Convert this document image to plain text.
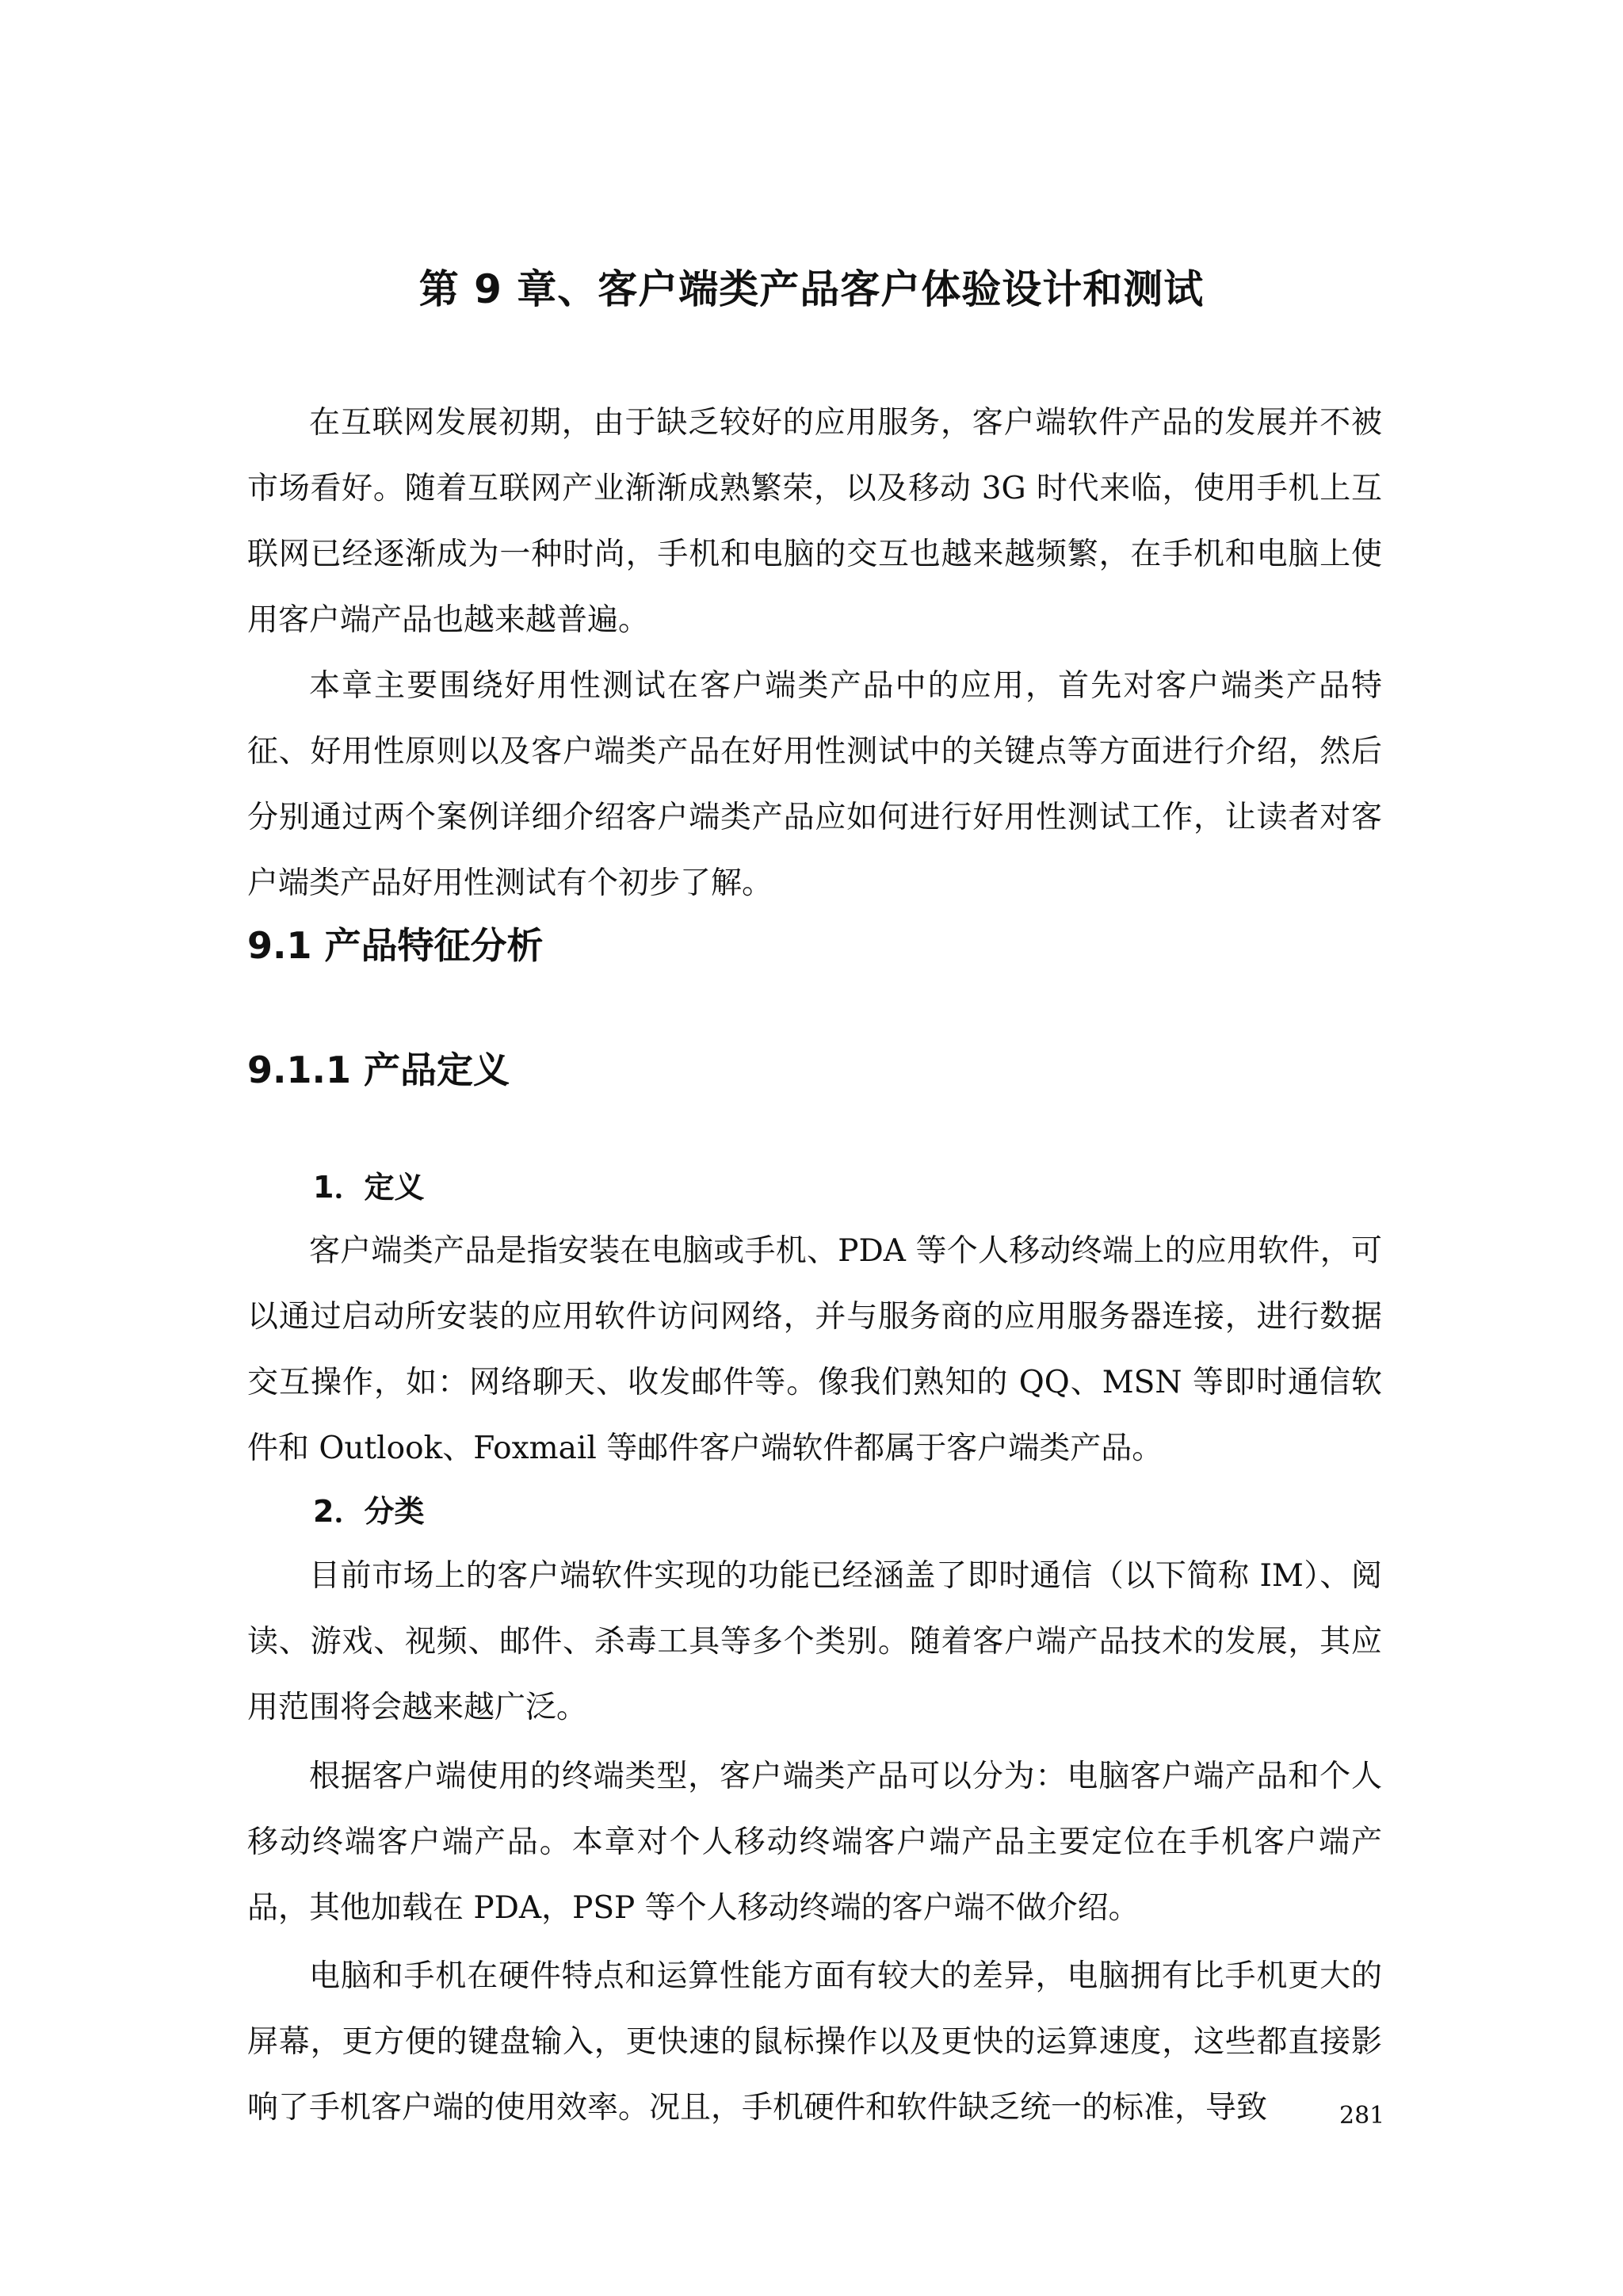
第 9 章、客户端类产品客户体验设计和测试

在互联网发展初期，由于缺乏较好的应用服务，客户端软件产品的发展并不被市场看好。随着互联网产业渐渐成熟繁荣，以及移动 3G 时代来临，使用手机上互联网已经逐渐成为一种时尚，手机和电脑的交互也越来越频繁，在手机和电脑上使用客户端产品也越来越普遍。

本章主要围绕好用性测试在客户端类产品中的应用，首先对客户端类产品特征、好用性原则以及客户端类产品在好用性测试中的关键点等方面进行介绍，然后分别通过两个案例详细介绍客户端类产品应如何进行好用性测试工作，让读者对客户端类产品好用性测试有个初步了解。

9.1 产品特征分析
9.1.1 产品定义
1．定义

客户端类产品是指安装在电脑或手机、PDA 等个人移动终端上的应用软件，可以通过启动所安装的应用软件访问网络，并与服务商的应用服务器连接，进行数据交互操作，如：网络聊天、收发邮件等。像我们熟知的 QQ、MSN 等即时通信软件和 Outlook、Foxmail 等邮件客户端软件都属于客户端类产品。

2．分类

目前市场上的客户端软件实现的功能已经涵盖了即时通信（以下简称 IM）、阅读、游戏、视频、邮件、杀毒工具等多个类别。随着客户端产品技术的发展，其应用范围将会越来越广泛。

根据客户端使用的终端类型，客户端类产品可以分为：电脑客户端产品和个人移动终端客户端产品。本章对个人移动终端客户端产品主要定位在手机客户端产品，其他加载在 PDA，PSP 等个人移动终端的客户端不做介绍。

电脑和手机在硬件特点和运算性能方面有较大的差异，电脑拥有比手机更大的屏幕，更方便的键盘输入，更快速的鼠标操作以及更快的运算速度，这些都直接影响了手机客户端的使用效率。况且，手机硬件和软件缺乏统一的标准，导致	281
